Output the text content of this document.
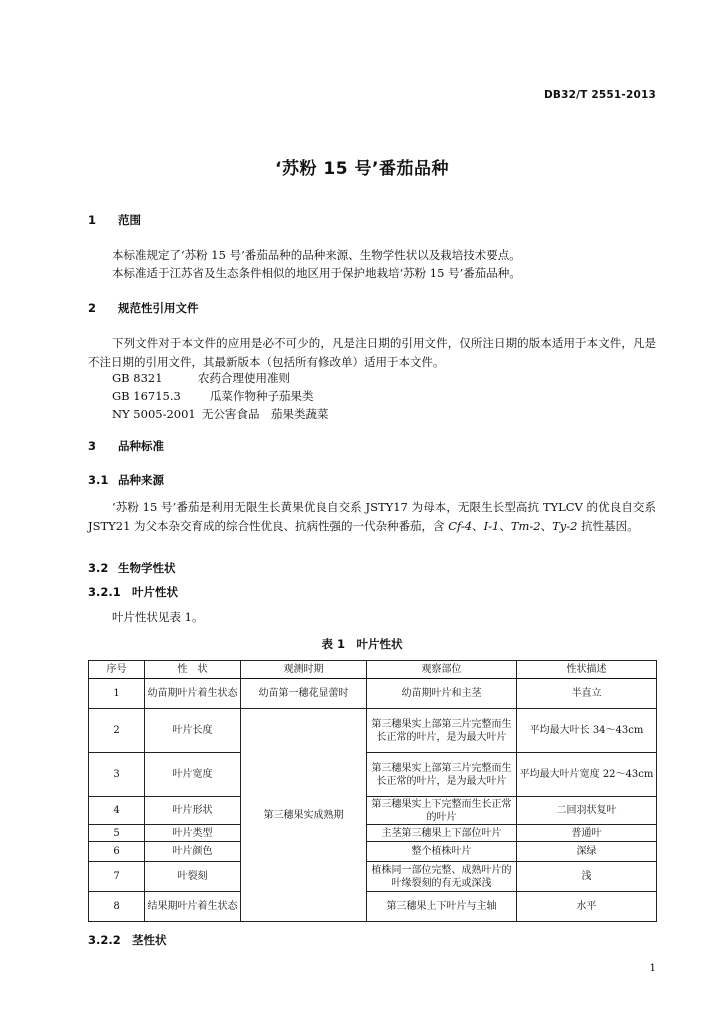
DB32/T 2551-2013
‘苏粉 15 号’番茄品种
1 范围
本标准规定了‘苏粉 15 号’番茄品种的品种来源、生物学性状以及栽培技术要点。
本标准适于江苏省及生态条件相似的地区用于保护地栽培‘苏粉 15 号’番茄品种。
2 规范性引用文件
下列文件对于本文件的应用是必不可少的，凡是注日期的引用文件，仅所注日期的版本适用于本文件，凡是不注日期的引用文件，其最新版本（包括所有修改单）适用于本文件。
GB 8321	农药合理使用准则
GB 16715.3	瓜菜作物种子茄果类
NY 5005-2001 无公害食品　茄果类蔬菜
3 品种标准
3.1 品种来源
‘苏粉 15 号’番茄是利用无限生长黄果优良自交系 JSTY17 为母本，无限生长型高抗 TYLCV 的优良自交系 JSTY21 为父本杂交育成的综合性优良、抗病性强的一代杂种番茄，含 Cf-4、I-1、Tm-2、Ty-2 抗性基因。
3.2 生物学性状
3.2.1 叶片性状
叶片性状见表 1。
表 1　叶片性状
序号	性　状	观测时期	观察部位	性状描述
1	幼苗期叶片着生状态	幼苗第一穗花显蕾时	幼苗期叶片和主茎	半直立
2	叶片长度	第三穗果实成熟期	第三穗果实上部第三片完整而生长正常的叶片，是为最大叶片	平均最大叶长 34～43cm
3	叶片宽度		第三穗果实上部第三片完整而生长正常的叶片，是为最大叶片	平均最大叶片宽度 22～43cm
4	叶片形状		第三穗果实上下完整而生长正常的叶片	二回羽状复叶
5	叶片类型		主茎第三穗果上下部位叶片	普通叶
6	叶片颜色		整个植株叶片	深绿
7	叶裂刻		植株同一部位完整、成熟叶片的叶缘裂刻的有无或深浅	浅
8	结果期叶片着生状态		第三穗果上下叶片与主轴	水平
3.2.2 茎性状
1
